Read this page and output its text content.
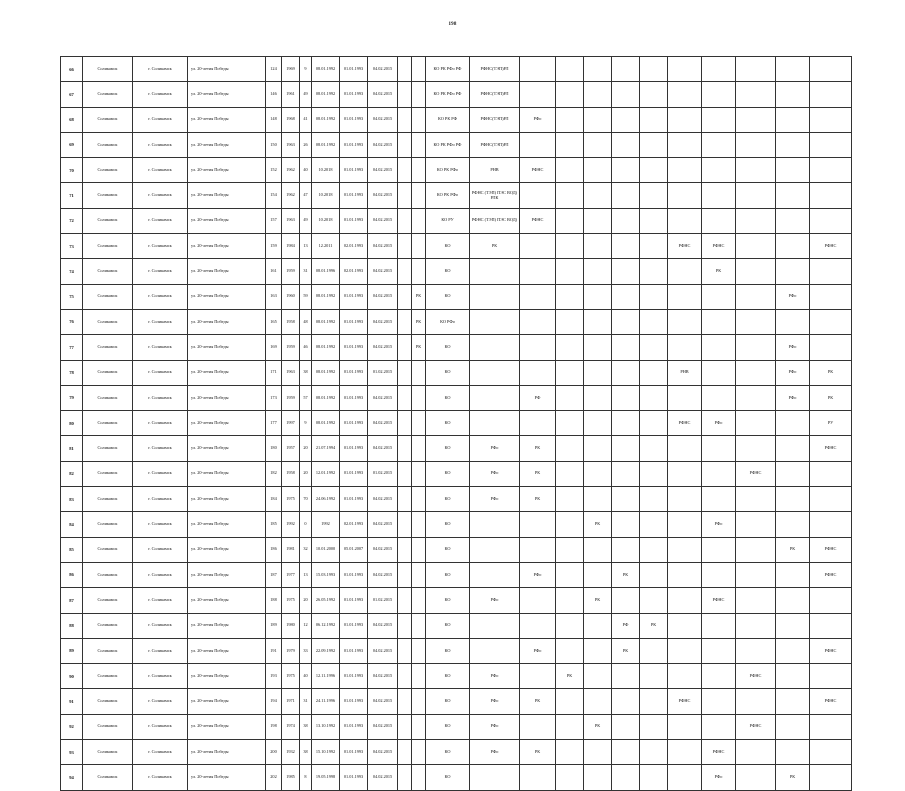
198
66	Соликамск	г. Соликамск	ул. 20-летия Победы	124	1969	9	08.01.1992	01.01.1993	04.02.2015			КО РК РФо РФ	РФНС(ТЭП)РЛ										
67	Соликамск	г. Соликамск	ул. 20-летия Победы	146	1961	49	08.01.1992	01.01.1993	04.02.2015			КО РК РФо РФ	РФНС(ТЭП)РЛ										
68	Соликамск	г. Соликамск	ул. 20-летия Победы	148	1968	41	08.01.1992	01.01.1993	04.02.2015			КО РК РФ	РФНС(ТЭП)РЛ	РФо									
69	Соликамск	г. Соликамск	ул. 20-летия Победы	150	1963	26	08.01.1992	01.01.1993	04.02.2015			КО РК РФо РФ	РФНС(ТЭП)РЛ										
70	Соликамск	г. Соликамск	ул. 20-летия Победы	152	1962	40	10.2018	01.01.1993	04.02.2015			КО РК РФо	РНВ	РФНС									
71	Соликамск	г. Соликамск	ул. 20-летия Победы	154	1962	47	10.2018	01.01.1993	04.02.2015			КО РК РФо	РФНС (ТЭП) ПЭС ВОД) РЛК										
72	Соликамск	г. Соликамск	ул. 20-летия Победы	157	1963	49	10.2018	01.01.1993	04.02.2015			КО РУ	РФНС (ТЭП) ПЭС ВОД)	РФНС									
73	Соликамск	г. Соликамск	ул. 20-летия Победы	159	1984	13	12.2011	02.01.1993	04.02.2015			КО	РК						РФНС	РФНС			РФНС
74	Соликамск	г. Соликамск	ул. 20-летия Победы	161	1959	31	08.01.1996	02.01.1993	04.02.2015			КО								РК			
75	Соликамск	г. Соликамск	ул. 20-летия Победы	163	1960	59	08.01.1992	01.01.1993	04.02.2015		РК	КО										РФо	
76	Соликамск	г. Соликамск	ул. 20-летия Победы	165	1958	48	08.01.1992	01.01.1993	04.02.2015		РК	КО РФо											
77	Соликамск	г. Соликамск	ул. 20-летия Победы	169	1959	46	08.01.1992	01.01.1993	04.02.2015		РК	КО										РФо	
78	Соликамск	г. Соликамск	ул. 20-летия Победы	171	1963	38	08.01.1992	01.01.1993	01.02.2015			КО							РНВ			РФо	РК
79	Соликамск	г. Соликамск	ул. 20-летия Победы	173	1959	57	08.01.1992	01.01.1993	04.02.2015			КО		РФ								РФо	РК
80	Соликамск	г. Соликамск	ул. 20-летия Победы	177	1997	9	08.01.1992	01.01.1993	04.02.2015			КО							РФНС	РФо			РУ
81	Соликамск	г. Соликамск	ул. 20-летия Победы	180	1957	20	21.07.1994	01.01.1993	04.02.2015			КО	РФо	РК									РФНС
82	Соликамск	г. Соликамск	ул. 20-летия Победы	182	1958	20	12.01.1992	01.01.1993	01.02.2015			КО	РФо	РК							РФНС		
83	Соликамск	г. Соликамск	ул. 20-летия Победы	184	1975	70	24.06.1992	01.01.1993	04.02.2015			КО	РФо	РК									
84	Соликамск	г. Соликамск	ул. 20-летия Победы	185	1992	0	1992	02.01.1993	04.02.2015			КО				РК				РФо			
85	Соликамск	г. Соликамск	ул. 20-летия Победы	186	1981	32	10.01.2000	05.01.2007	04.02.2015			КО										РК	РФНС
86	Соликамск	г. Соликамск	ул. 20-летия Победы	187	1977	13	15.03.1993	01.01.1993	04.02.2015			КО		РФо			РК						РФНС
87	Соликамск	г. Соликамск	ул. 20-летия Победы	188	1975	20	26.05.1992	01.01.1993	01.02.2015			КО	РФо			РК				РФНС			
88	Соликамск	г. Соликамск	ул. 20-летия Победы	189	1980	12	06.12.1992	01.01.1993	04.02.2015			КО					РФ	РК					
89	Соликамск	г. Соликамск	ул. 20-летия Победы	191	1979	33	22.09.1992	01.01.1993	04.02.2015			КО		РФо			РК						РФНС
90	Соликамск	г. Соликамск	ул. 20-летия Победы	193	1975	40	12.11.1996	01.01.1993	04.02.2015			КО	РФо		РК						РФНС		
91	Соликамск	г. Соликамск	ул. 20-летия Победы	194	1971	31	24.11.1996	01.01.1993	04.02.2015			КО	РФо	РК					РФНС				РФНС
92	Соликамск	г. Соликамск	ул. 20-летия Победы	198	1974	38	13.10.1992	01.01.1993	04.02.2015			КО	РФо			РК					РФНС		
93	Соликамск	г. Соликамск	ул. 20-летия Победы	200	1932	38	15.10.1992	01.01.1993	04.02.2015			КО	РФо	РК						РФНС			
94	Соликамск	г. Соликамск	ул. 20-летия Победы	202	1985	8	19.05.1998	01.01.1993	04.02.2015			КО								РФо		РК	
